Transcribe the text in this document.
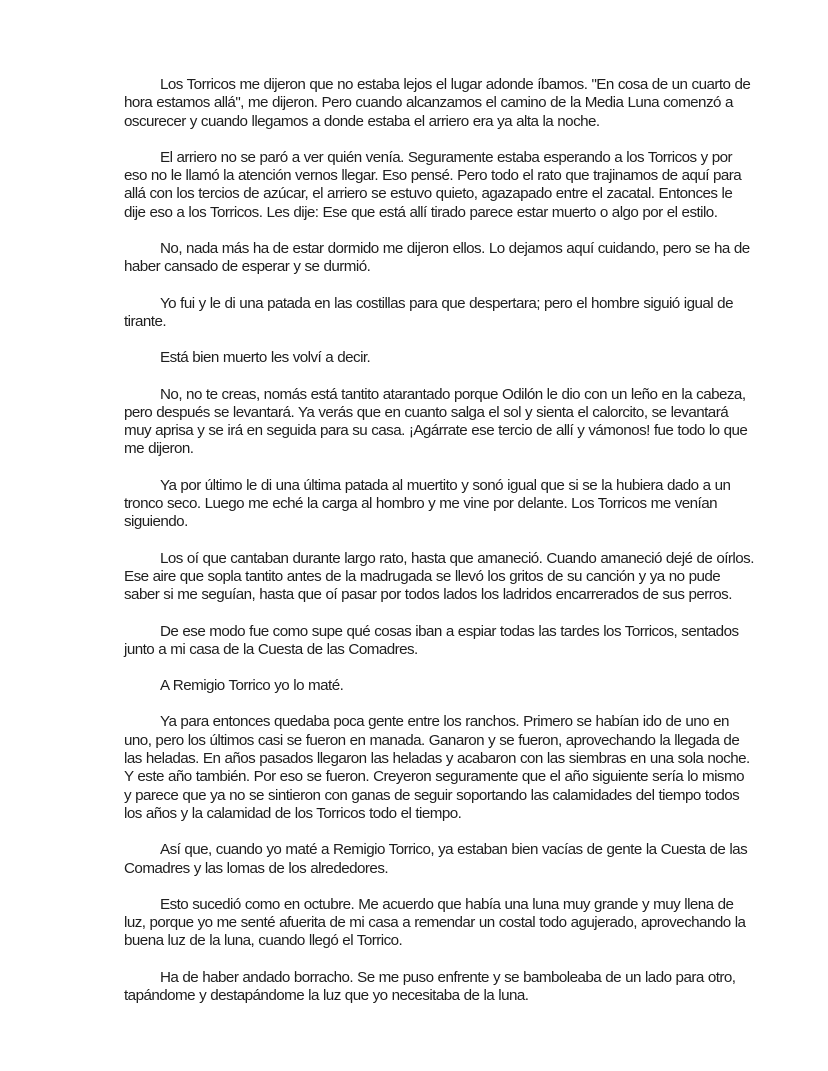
Los Torricos me dijeron que no estaba lejos el lugar adonde íbamos. "En cosa de un cuarto de hora estamos allá", me dijeron. Pero cuando alcanzamos el camino de la Media Luna comenzó a oscurecer y cuando llegamos a donde estaba el arriero era ya alta la noche.

El arriero no se paró a ver quién venía. Seguramente estaba esperando a los Torricos y por eso no le llamó la atención vernos llegar. Eso pensé. Pero todo el rato que trajinamos de aquí para allá con los tercios de azúcar, el arriero se estuvo quieto, agazapado entre el zacatal. Entonces le dije eso a los Torricos. Les dije: Ese que está allí tirado parece estar muerto o algo por el estilo.

No, nada más ha de estar dormido me dijeron ellos. Lo dejamos aquí cuidando, pero se ha de haber cansado de esperar y se durmió.

Yo fui y le di una patada en las costillas para que despertara; pero el hombre siguió igual de tirante.

Está bien muerto les volví a decir.

No, no te creas, nomás está tantito atarantado porque Odilón le dio con un leño en la cabeza, pero después se levantará. Ya verás que en cuanto salga el sol y sienta el calorcito, se levantará muy aprisa y se irá en seguida para su casa. ¡Agárrate ese tercio de allí y vámonos! fue todo lo que me dijeron.

Ya por último le di una última patada al muertito y sonó igual que si se la hubiera dado a un tronco seco. Luego me eché la carga al hombro y me vine por delante. Los Torricos me venían siguiendo.

Los oí que cantaban durante largo rato, hasta que amaneció. Cuando amaneció dejé de oírlos. Ese aire que sopla tantito antes de la madrugada se llevó los gritos de su canción y ya no pude saber si me seguían, hasta que oí pasar por todos lados los ladridos encarrerados de sus perros.

De ese modo fue como supe qué cosas iban a espiar todas las tardes los Torricos, sentados junto a mi casa de la Cuesta de las Comadres.

A Remigio Torrico yo lo maté.

Ya para entonces quedaba poca gente entre los ranchos. Primero se habían ido de uno en uno, pero los últimos casi se fueron en manada. Ganaron y se fueron, aprovechando la llegada de las heladas. En años pasados llegaron las heladas y acabaron con las siembras en una sola noche. Y este año también. Por eso se fueron. Creyeron seguramente que el año siguiente sería lo mismo y parece que ya no se sintieron con ganas de seguir soportando las calamidades del tiempo todos los años y la calamidad de los Torricos todo el tiempo.

Así que, cuando yo maté a Remigio Torrico, ya estaban bien vacías de gente la Cuesta de las Comadres y las lomas de los alrededores.

Esto sucedió como en octubre. Me acuerdo que había una luna muy grande y muy llena de luz, porque yo me senté afuerita de mi casa a remendar un costal todo agujerado, aprovechando la buena luz de la luna, cuando llegó el Torrico.

Ha de haber andado borracho. Se me puso enfrente y se bamboleaba de un lado para otro, tapándome y destapándome la luz que yo necesitaba de la luna.
